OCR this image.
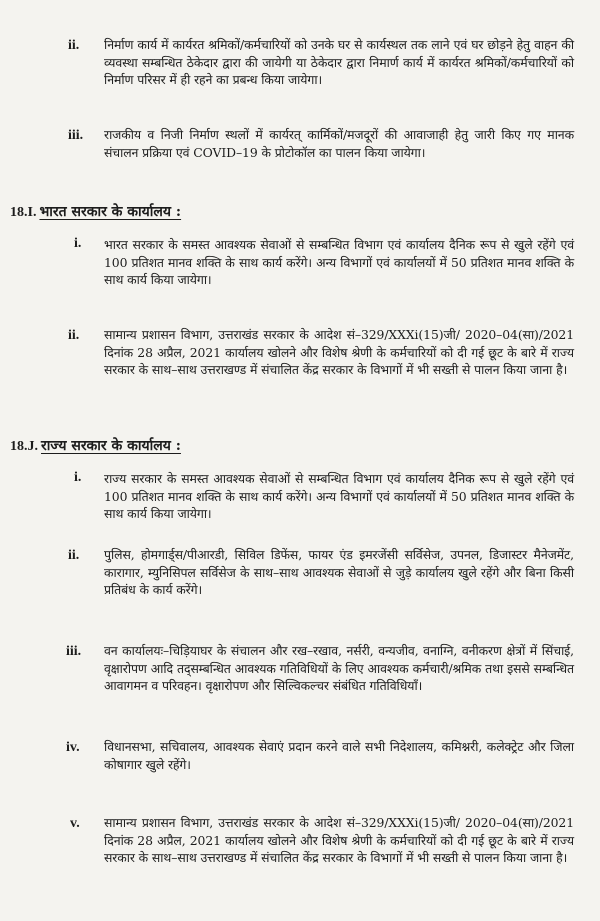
ii. निर्माण कार्य में कार्यरत श्रमिकों/कर्मचारियों को उनके घर से कार्यस्थल तक लाने एवं घर छोड़ने हेतु वाहन की व्यवस्था सम्बन्धित ठेकेदार द्वारा की जायेगी या ठेकेदार द्वारा निमार्ण कार्य में कार्यरत श्रमिकों/कर्मचारियों को निर्माण परिसर में ही रहने का प्रबन्ध किया जायेगा।
iii. राजकीय व निजी निर्माण स्थलों में कार्यरत् कार्मिकों/मजदूरों की आवाजाही हेतु जारी किए गए मानक संचालन प्रक्रिया एवं COVID–19 के प्रोटोकॉल का पालन किया जायेगा।
18.I. भारत सरकार के कार्यालय :
i. भारत सरकार के समस्त आवश्यक सेवाओं से सम्बन्धित विभाग एवं कार्यालय दैनिक रूप से खुले रहेंगे एवं 100 प्रतिशत मानव शक्ति के साथ कार्य करेंगे। अन्य विभागों एवं कार्यालयों में 50 प्रतिशत मानव शक्ति के साथ कार्य किया जायेगा।
ii. सामान्य प्रशासन विभाग, उत्तराखंड सरकार के आदेश सं–329/XXXi(15)जी/ 2020–04(सा)/2021 दिनांक 28 अप्रैल, 2021 कार्यालय खोलने और विशेष श्रेणी के कर्मचारियों को दी गई छूट के बारे में राज्य सरकार के साथ–साथ उत्तराखण्ड में संचालित केंद्र सरकार के विभागों में भी सख्ती से पालन किया जाना है।
18.J. राज्य सरकार के कार्यालय :
i. राज्य सरकार के समस्त आवश्यक सेवाओं से सम्बन्धित विभाग एवं कार्यालय दैनिक रूप से खुले रहेंगे एवं 100 प्रतिशत मानव शक्ति के साथ कार्य करेंगे। अन्य विभागों एवं कार्यालयों में 50 प्रतिशत मानव शक्ति के साथ कार्य किया जायेगा।
ii. पुलिस, होमगार्ड्स/पीआरडी, सिविल डिफेंस, फायर एंड इमरजेंसी सर्विसेज, उपनल, डिजास्टर मैनेजमेंट, कारागार, म्युनिसिपल सर्विसेज के साथ–साथ आवश्यक सेवाओं से जुड़े कार्यालय खुले रहेंगे और बिना किसी प्रतिबंध के कार्य करेंगे।
iii. वन कार्यालयः–चिड़ियाघर के संचालन और रख–रखाव, नर्सरी, वन्यजीव, वनाग्नि, वनीकरण क्षेत्रों में सिंचाई, वृक्षारोपण आदि तद्सम्बन्धित आवश्यक गतिविधियों के लिए आवश्यक कर्मचारी/श्रमिक तथा इससे सम्बन्धित आवागमन व परिवहन। वृक्षारोपण और सिल्विकल्चर संबंधित गतिविधियाँ।
iv. विधानसभा, सचिवालय, आवश्यक सेवाएं प्रदान करने वाले सभी निदेशालय, कमिश्नरी, कलेक्ट्रेट और जिला कोषागार खुले रहेंगे।
v. सामान्य प्रशासन विभाग, उत्तराखंड सरकार के आदेश सं–329/XXXi(15)जी/ 2020–04(सा)/2021 दिनांक 28 अप्रैल, 2021 कार्यालय खोलने और विशेष श्रेणी के कर्मचारियों को दी गई छूट के बारे में राज्य सरकार के साथ–साथ उत्तराखण्ड में संचालित केंद्र सरकार के विभागों में भी सख्ती से पालन किया जाना है।
